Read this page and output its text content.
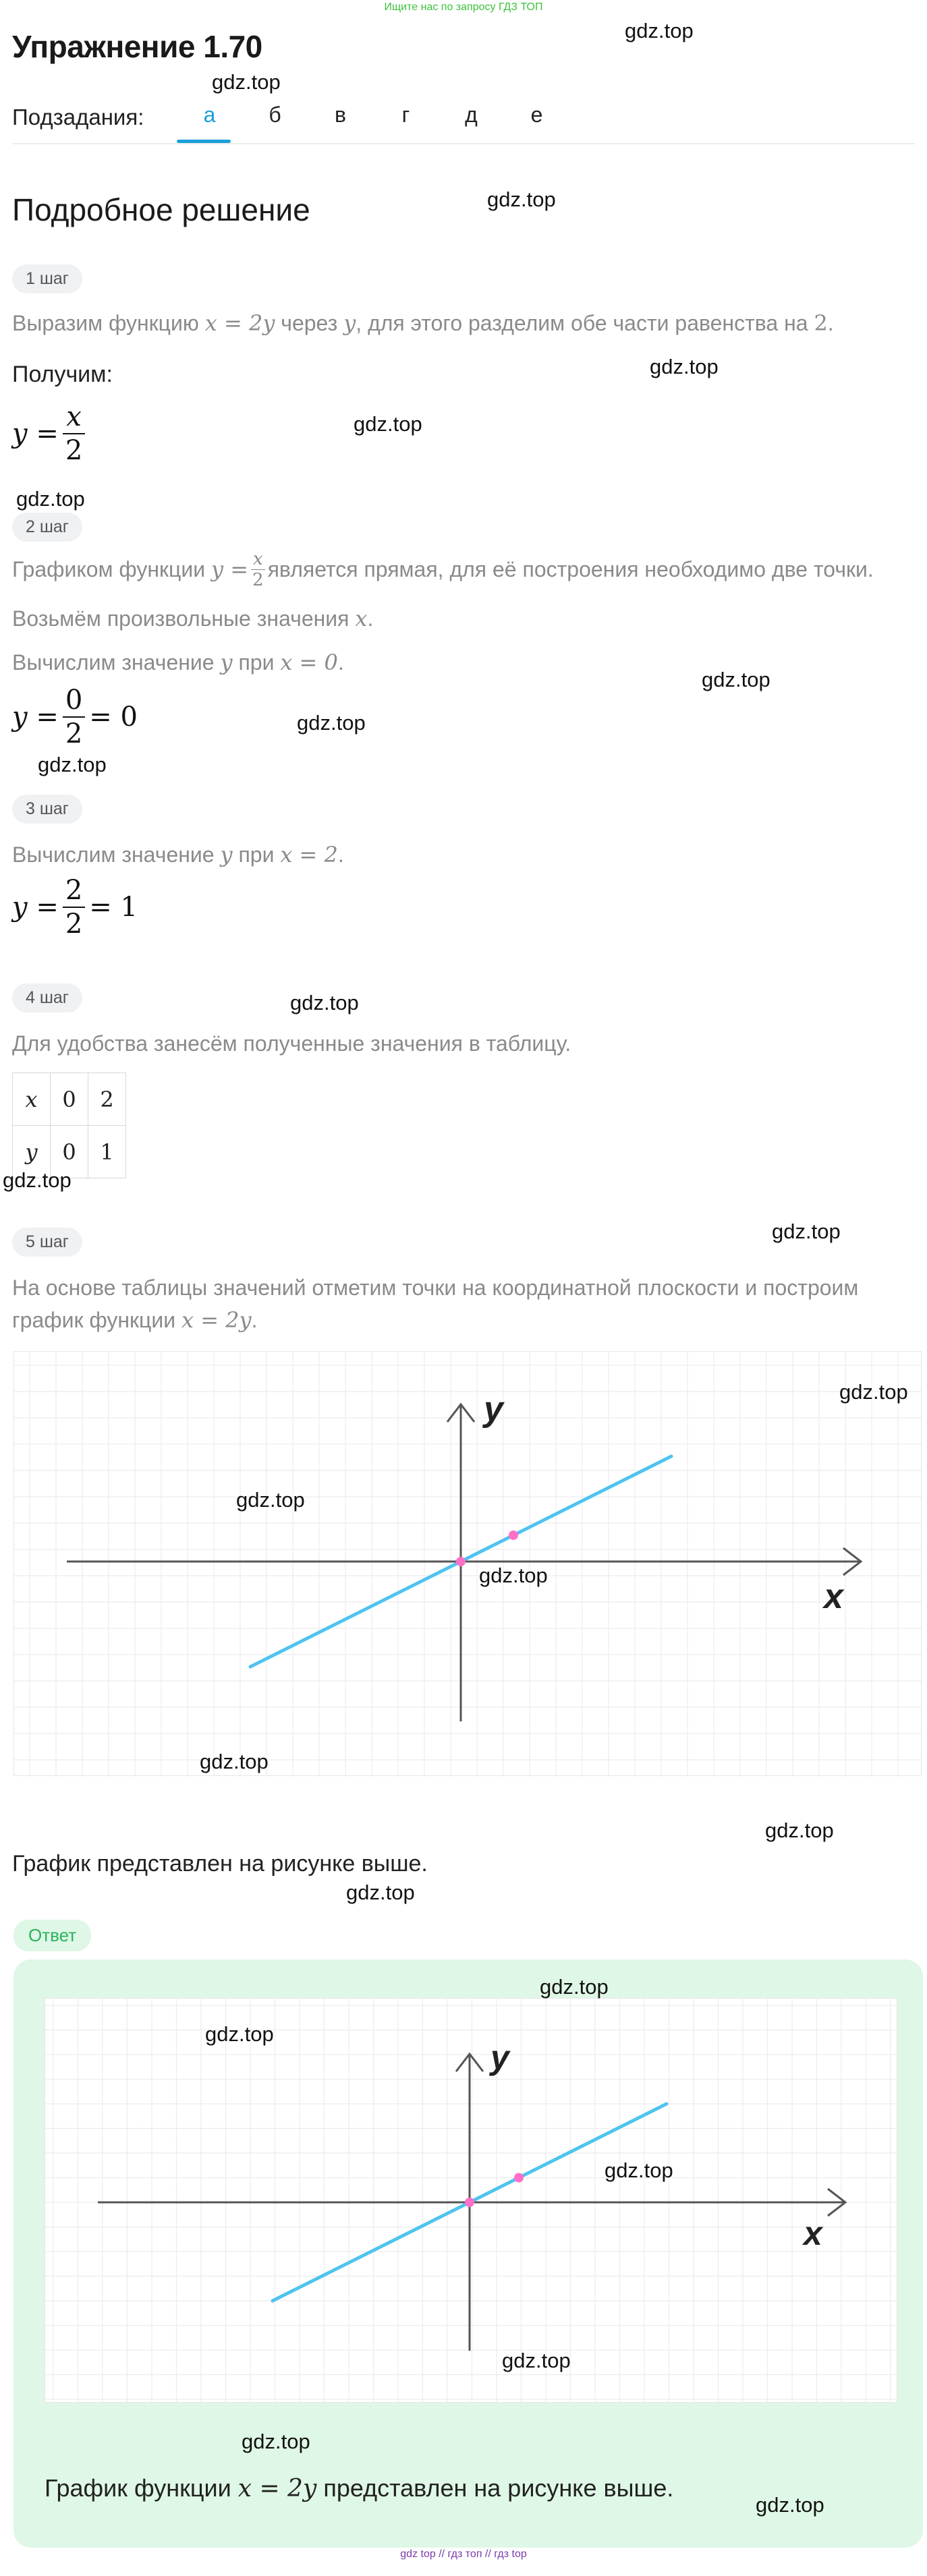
Ищите нас по запросу ГДЗ ТОП
Упражнение 1.70	gdz.top
gdz.top
Подзадания:	а	б	в	г	д	е
Подробное решение	gdz.top
1 шаг
Выразим функцию x = 2y через y, для этого разделим обе части равенства на 2.
Получим:	gdz.top
$y = \frac{x}{2}$	gdz.top
gdz.top
2 шаг
Графиком функции
$y = \frac{x}{2}$ является прямая, для её построения необходимо две точки.
Возьмём произвольные значения x.
Вычислим значение y при x = 0.
gdz.top
$y = \frac{0}{2} = 0$	gdz.top
gdz.top
3 шаг
Вычислим значение y при x = 2.
$y = \frac{2}{2} = 1$
4 шаг	gdz.top
Для удобства занесём полученные значения в таблицу.
x	0	2
y	0	1
gdz.top
5 шаг	gdz.top
На основе таблицы значений отметим точки на координатной плоскости и построим
график функции x = 2y.
x
y	gdz.top
gdz.top
gdz.top
gdz.top
gdz.top
График представлен на рисунке выше.
gdz.top
Ответ
x
y
gdz.top
gdz.top
gdz.top
gdz.top
gdz.top
График функции x = 2y представлен на рисунке выше.
gdz.top
gdz top // гдз топ // гдз top
